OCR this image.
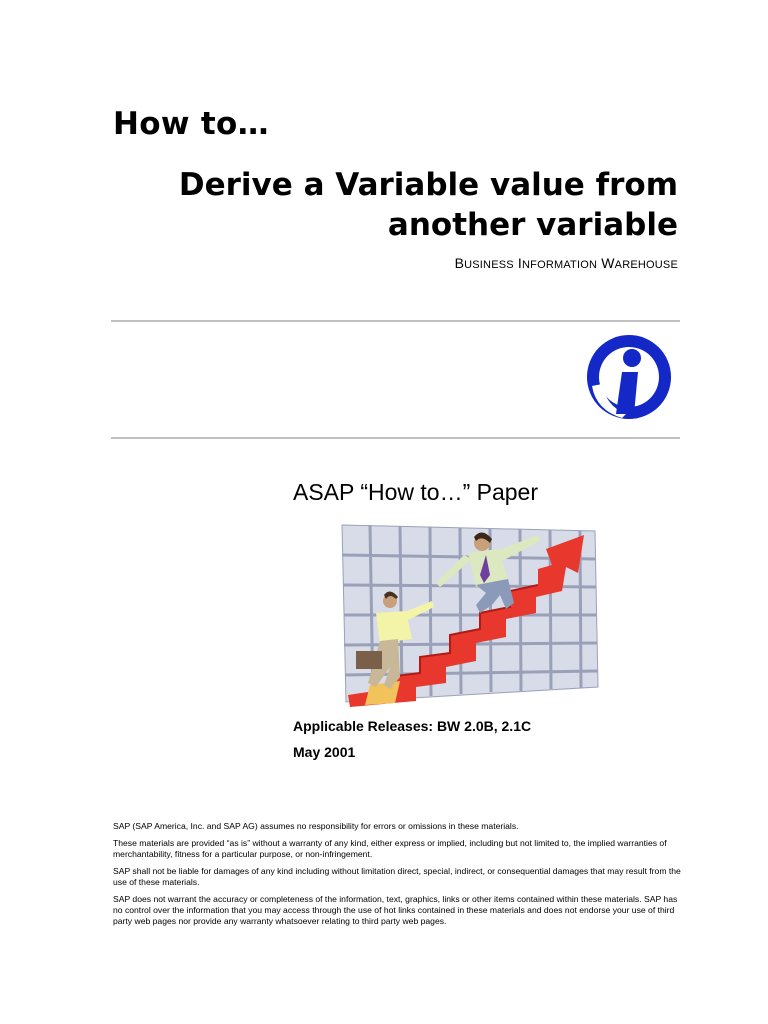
How to…
Derive a Variable value from
another variable
BUSINESS INFORMATION WAREHOUSE
ASAP “How to…” Paper
Applicable Releases: BW 2.0B, 2.1C
May 2001

SAP (SAP America, Inc. and SAP AG) assumes no responsibility for errors or omissions in these materials.

These materials are provided “as is” without a warranty of any kind, either express or implied, including but not limited to, the implied warranties of merchantability, fitness for a particular purpose, or non-infringement.

SAP shall not be liable for damages of any kind including without limitation direct, special, indirect, or consequential damages that may result from the use of these materials.

SAP does not warrant the accuracy or completeness of the information, text, graphics, links or other items contained within these materials. SAP has no control over the information that you may access through the use of hot links contained in these materials and does not endorse your use of third party web pages nor provide any warranty whatsoever relating to third party web pages.
